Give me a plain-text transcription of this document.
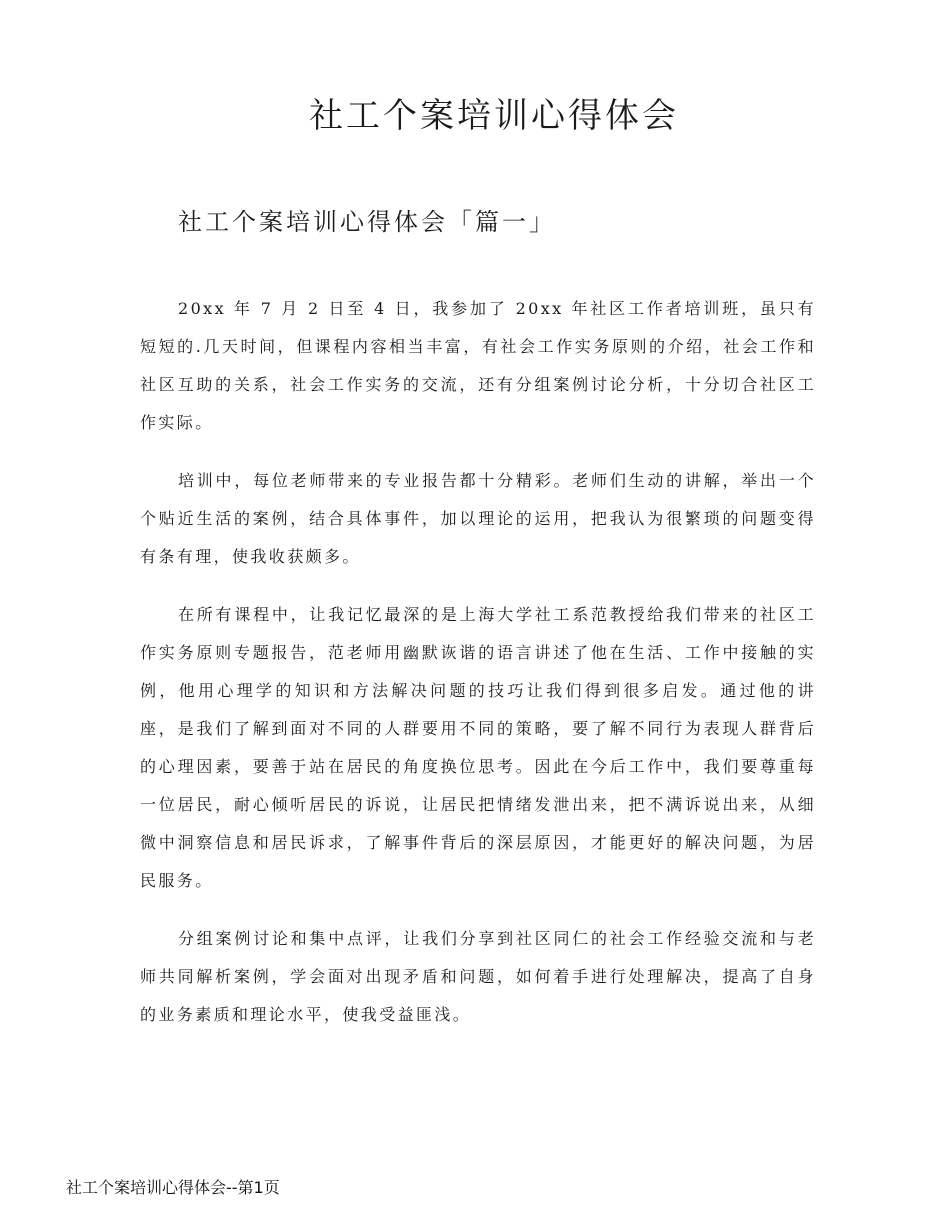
社工个案培训心得体会
社工个案培训心得体会「篇一」

20xx 年 7 月 2 日至 4 日，我参加了 20xx 年社区工作者培训班，虽只有短短的.几天时间，但课程内容相当丰富，有社会工作实务原则的介绍，社会工作和社区互助的关系，社会工作实务的交流，还有分组案例讨论分析，十分切合社区工作实际。

培训中，每位老师带来的专业报告都十分精彩。老师们生动的讲解，举出一个个贴近生活的案例，结合具体事件，加以理论的运用，把我认为很繁琐的问题变得有条有理，使我收获颇多。

在所有课程中，让我记忆最深的是上海大学社工系范教授给我们带来的社区工作实务原则专题报告，范老师用幽默诙谐的语言讲述了他在生活、工作中接触的实例，他用心理学的知识和方法解决问题的技巧让我们得到很多启发。通过他的讲座，是我们了解到面对不同的人群要用不同的策略，要了解不同行为表现人群背后的心理因素，要善于站在居民的角度换位思考。因此在今后工作中，我们要尊重每一位居民，耐心倾听居民的诉说，让居民把情绪发泄出来，把不满诉说出来，从细微中洞察信息和居民诉求，了解事件背后的深层原因，才能更好的解决问题，为居民服务。

分组案例讨论和集中点评，让我们分享到社区同仁的社会工作经验交流和与老师共同解析案例，学会面对出现矛盾和问题，如何着手进行处理解决，提高了自身的业务素质和理论水平，使我受益匪浅。

社工个案培训心得体会--第1页
